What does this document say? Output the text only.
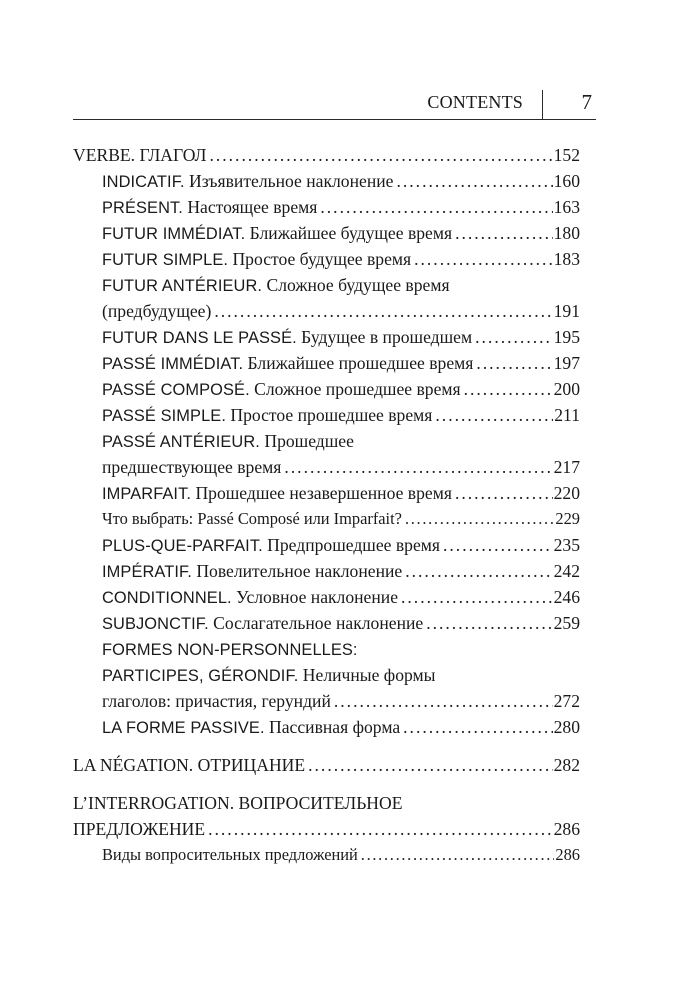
CONTENTS	7
VERBE. ГЛАГОЛ . . .	152
INDICATIF. Изъявительное наклонение . . .	160
PRÉSENT. Настоящее время . . .	163
FUTUR IMMÉDIAT. Ближайшее будущее время . . .	180
FUTUR SIMPLE. Простое будущее время . . .	183
FUTUR ANTÉRIEUR. Сложное будущее время
(предбудущее) . . .	191
FUTUR DANS LE PASSÉ. Будущее в прошедшем . . .	195
PASSÉ IMMÉDIAT. Ближайшее прошедшее время . . .	197
PASSÉ COMPOSÉ. Сложное прошедшее время . . .	200
PASSÉ SIMPLE. Простое прошедшее время . . .	211
PASSÉ ANTÉRIEUR. Прошедшее
предшествующее время . . .	217
IMPARFAIT. Прошедшее незавершенное время . . .	220
Что выбрать: Passé Composé или Imparfait? . . .	229
PLUS-QUE-PARFAIT. Предпрошедшее время . . .	235
IMPÉRATIF. Повелительное наклонение . . .	242
CONDITIONNEL. Условное наклонение . . .	246
SUBJONCTIF. Сослагательное наклонение . . .	259
FORMES NON-PERSONNELLES:
PARTICIPES, GÉRONDIF. Неличные формы
глаголов: причастия, герундий . . .	272
LA FORME PASSIVE. Пассивная форма . . .	280
LA NÉGATION. ОТРИЦАНИЕ . . .	282
L’INTERROGATION. ВОПРОСИТЕЛЬНОЕ
ПРЕДЛОЖЕНИЕ . . .	286
Виды вопросительных предложений . . .	286
